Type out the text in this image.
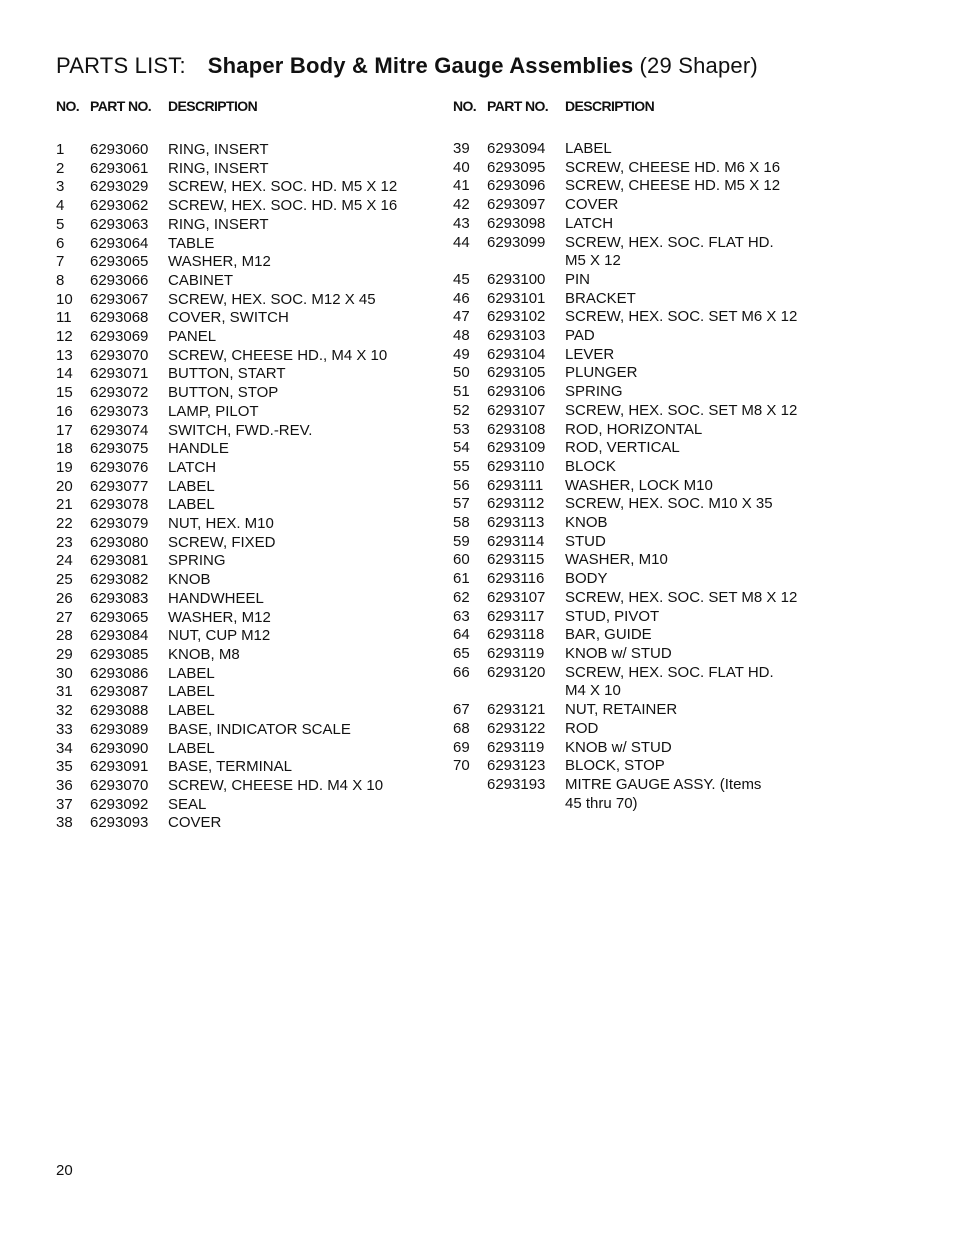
PARTS LIST: Shaper Body & Mitre Gauge Assemblies (29 Shaper)
NO. PART NO.	DESCRIPTION
1	6293060	RING, INSERT
2	6293061	RING, INSERT
3	6293029	SCREW, HEX. SOC. HD. M5 X 12
4	6293062	SCREW, HEX. SOC. HD. M5 X 16
5	6293063	RING, INSERT
6	6293064	TABLE
7	6293065	WASHER, M12
8	6293066	CABINET
10	6293067	SCREW, HEX. SOC. M12 X 45
11	6293068	COVER, SWITCH
12	6293069	PANEL
13	6293070	SCREW, CHEESE HD., M4 X 10
14	6293071	BUTTON, START
15	6293072	BUTTON, STOP
16	6293073	LAMP, PILOT
17	6293074	SWITCH, FWD.-REV.
18	6293075	HANDLE
19	6293076	LATCH
20	6293077	LABEL
21	6293078	LABEL
22	6293079	NUT, HEX. M10
23	6293080	SCREW, FIXED
24	6293081	SPRING
25	6293082	KNOB
26	6293083	HANDWHEEL
27	6293065	WASHER, M12
28	6293084	NUT, CUP M12
29	6293085	KNOB, M8
30	6293086	LABEL
31	6293087	LABEL
32	6293088	LABEL
33	6293089	BASE, INDICATOR SCALE
34	6293090	LABEL
35	6293091	BASE, TERMINAL
36	6293070	SCREW, CHEESE HD. M4 X 10
37	6293092	SEAL
38	6293093	COVER
NO. PART NO.	DESCRIPTION
39	6293094	LABEL
40	6293095	SCREW, CHEESE HD. M6 X 16
41	6293096	SCREW, CHEESE HD. M5 X 12
42	6293097	COVER
43	6293098	LATCH
44	6293099	SCREW, HEX. SOC. FLAT HD.
M5 X 12
45	6293100	PIN
46	6293101	BRACKET
47	6293102	SCREW, HEX. SOC. SET M6 X 12
48	6293103	PAD
49	6293104	LEVER
50	6293105	PLUNGER
51	6293106	SPRING
52	6293107	SCREW, HEX. SOC. SET M8 X 12
53	6293108	ROD, HORIZONTAL
54	6293109	ROD, VERTICAL
55	6293110	BLOCK
56	6293111	WASHER, LOCK M10
57	6293112	SCREW, HEX. SOC. M10 X 35
58	6293113	KNOB
59	6293114	STUD
60	6293115	WASHER, M10
61	6293116	BODY
62	6293107	SCREW, HEX. SOC. SET M8 X 12
63	6293117	STUD, PIVOT
64	6293118	BAR, GUIDE
65	6293119	KNOB w/ STUD
66	6293120	SCREW, HEX. SOC. FLAT HD.
M4 X 10
67	6293121	NUT, RETAINER
68	6293122	ROD
69	6293119	KNOB w/ STUD
70	6293123	BLOCK, STOP
6293193	MITRE GAUGE ASSY. (Items
45 thru 70)
20
